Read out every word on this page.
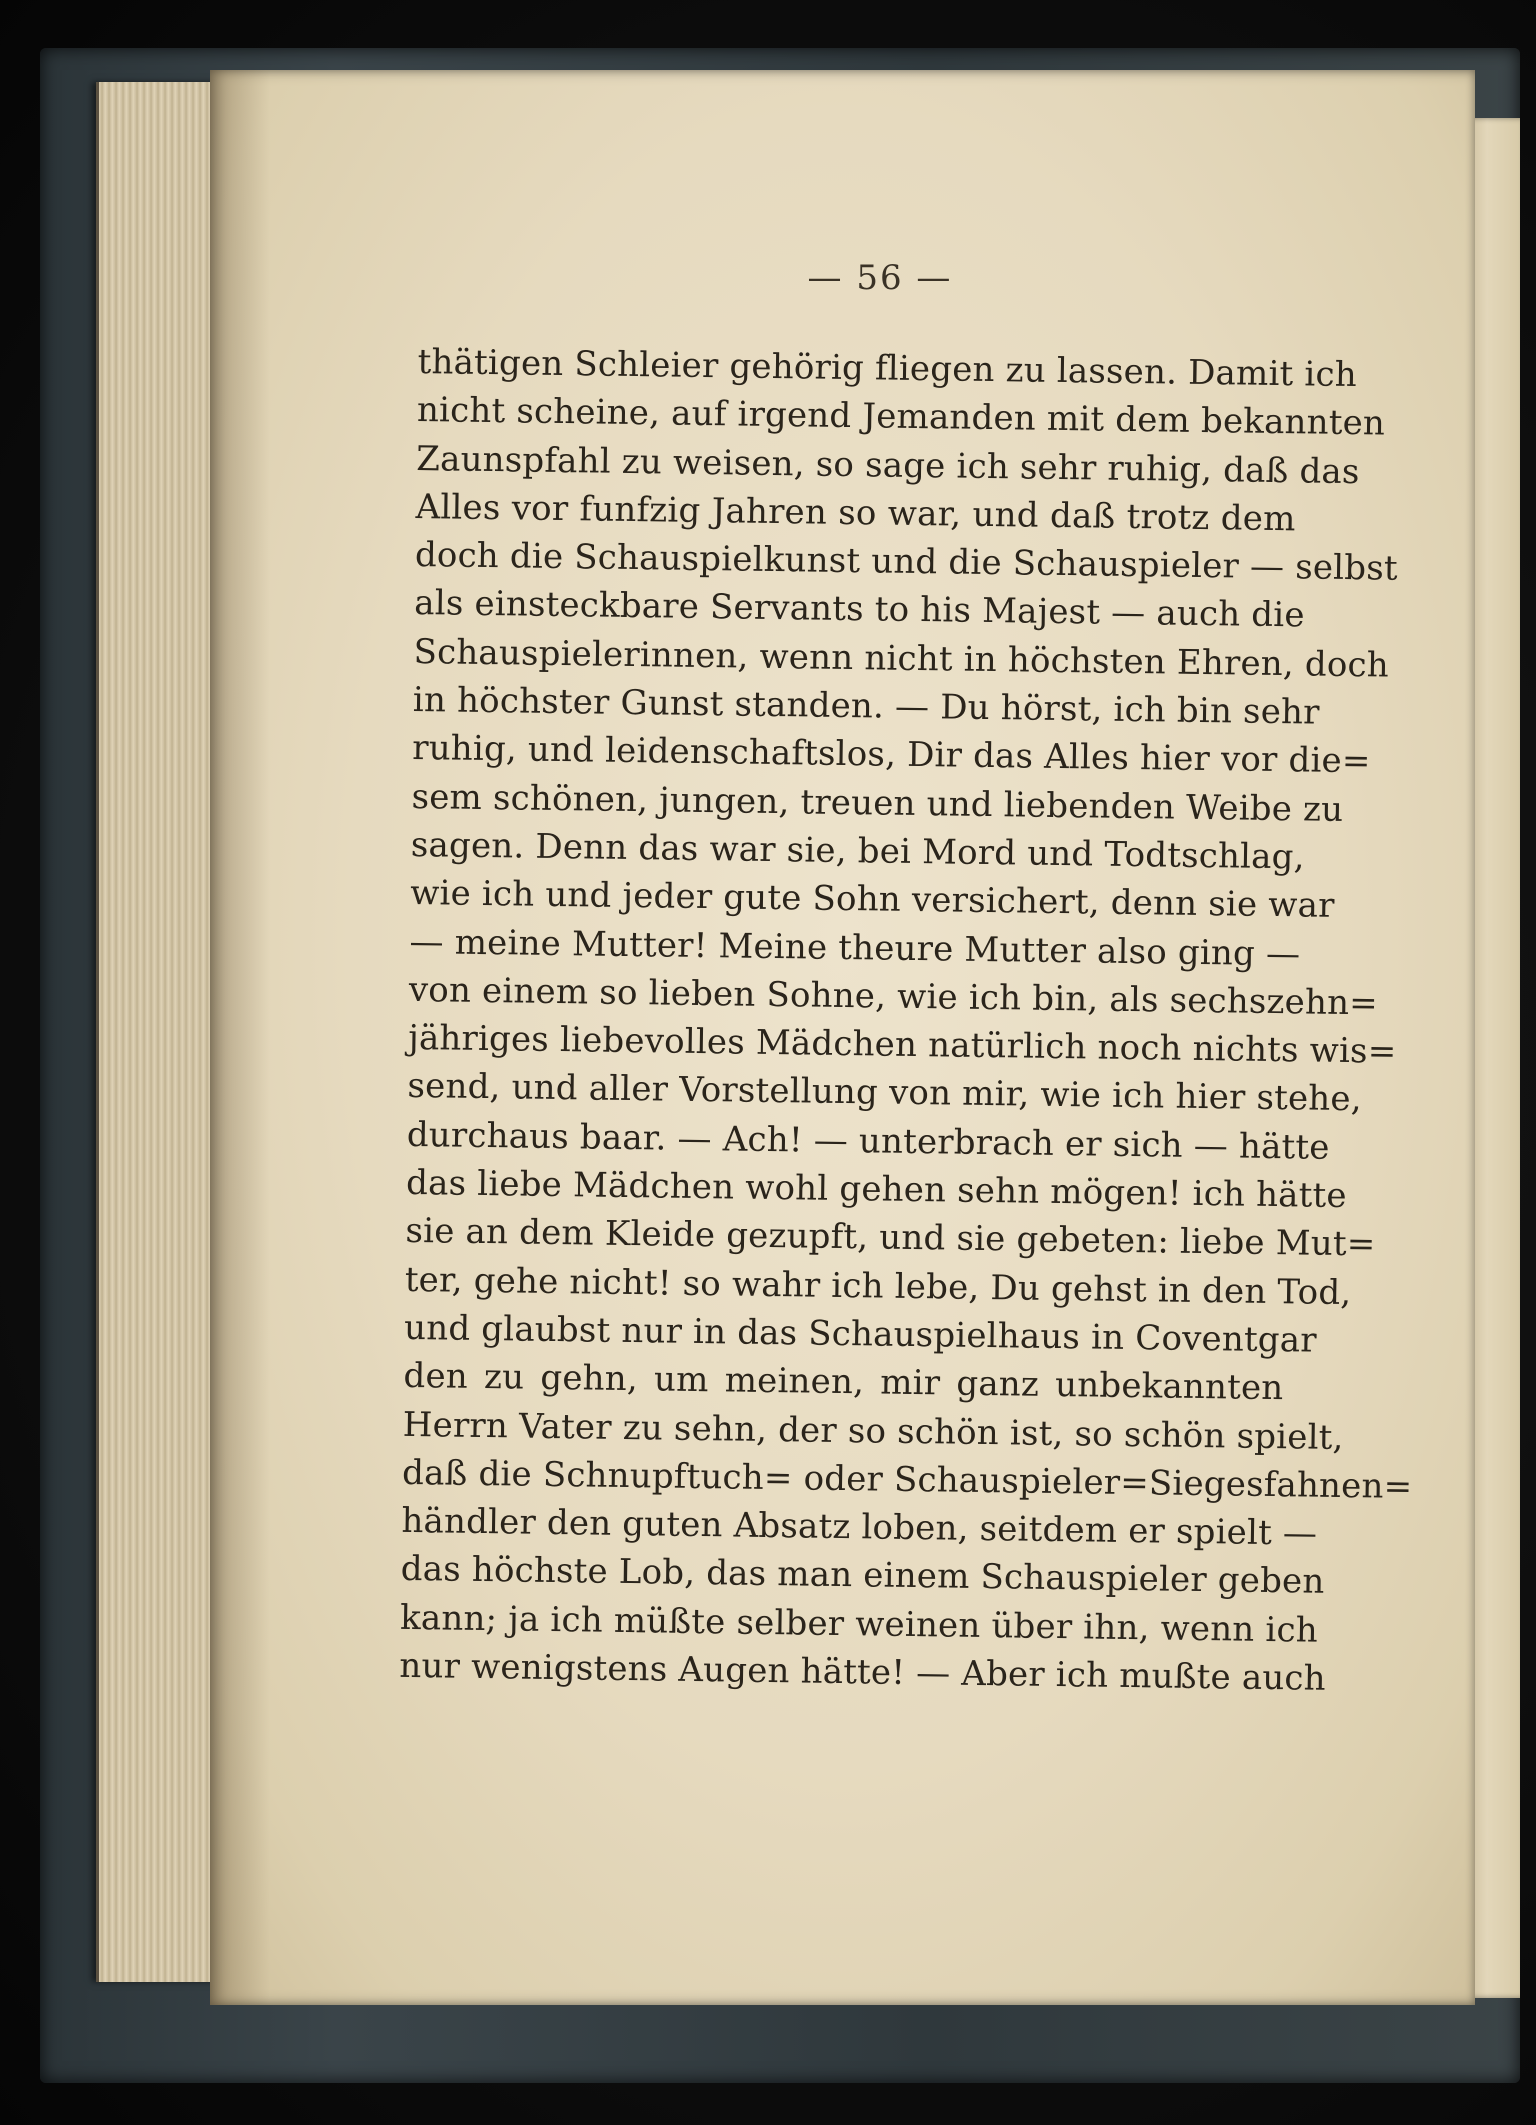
— 56 —
thätigen Schleier gehörig fliegen zu lassen. Damit ich
nicht scheine, auf irgend Jemanden mit dem bekannten
Zaunspfahl zu weisen, so sage ich sehr ruhig, daß das
Alles vor funfzig Jahren so war, und daß trotz dem
doch die Schauspielkunst und die Schauspieler — selbst
als einsteckbare Servants to his Majest — auch die
Schauspielerinnen, wenn nicht in höchsten Ehren, doch
in höchster Gunst standen. — Du hörst, ich bin sehr
ruhig, und leidenschaftslos, Dir das Alles hier vor die=
sem schönen, jungen, treuen und liebenden Weibe zu
sagen. Denn das war sie, bei Mord und Todtschlag,
wie ich und jeder gute Sohn versichert, denn sie war
— meine Mutter! Meine theure Mutter also ging —
von einem so lieben Sohne, wie ich bin, als sechszehn=
jähriges liebevolles Mädchen natürlich noch nichts wis=
send, und aller Vorstellung von mir, wie ich hier stehe,
durchaus baar. — Ach! — unterbrach er sich — hätte
das liebe Mädchen wohl gehen sehn mögen! ich hätte
sie an dem Kleide gezupft, und sie gebeten: liebe Mut=
ter, gehe nicht! so wahr ich lebe, Du gehst in den Tod,
und glaubst nur in das Schauspielhaus in Coventgar
den zu gehn, um meinen, mir ganz unbekannten
Herrn Vater zu sehn, der so schön ist, so schön spielt,
daß die Schnupftuch= oder Schauspieler=Siegesfahnen=
händler den guten Absatz loben, seitdem er spielt —
das höchste Lob, das man einem Schauspieler geben
kann; ja ich müßte selber weinen über ihn, wenn ich
nur wenigstens Augen hätte! — Aber ich mußte auch
